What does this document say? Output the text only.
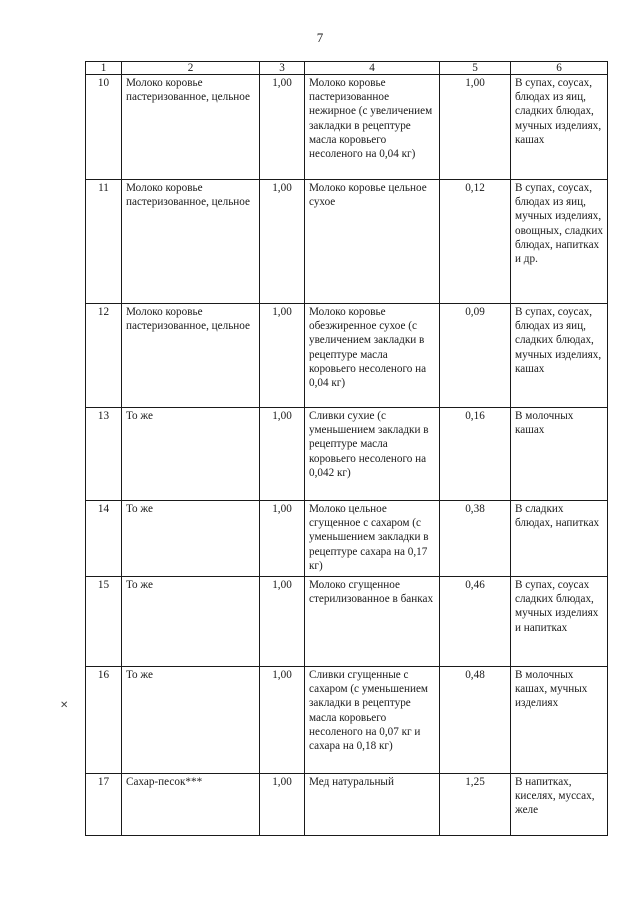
7
1	2	3	4	5	6
10	Молоко коровье пастеризованное, цельное	1,00	Молоко коровье пастеризованное нежирное (с увеличением закладки в рецептуре масла коровьего несоленого на 0,04 кг)	1,00	В супах, соусах, блюдах из яиц, сладких блюдах, мучных изделиях, кашах
11	Молоко коровье пастеризованное, цельное	1,00	Молоко коровье цельное сухое	0,12	В супах, соусах, блюдах из яиц, мучных изделиях, овощных, сладких блюдах, напитках и др.
12	Молоко коровье пастеризованное, цельное	1,00	Молоко коровье обезжиренное сухое (с увеличением закладки в рецептуре масла коровьего несоленого на 0,04 кг)	0,09	В супах, соусах, блюдах из яиц, сладких блюдах, мучных изделиях, кашах
13	То же	1,00	Сливки сухие (с уменьшением закладки в рецептуре масла коровьего несоленого на 0,042 кг)	0,16	В молочных кашах
14	То же	1,00	Молоко цельное сгущенное с сахаром (с уменьшением закладки в рецептуре сахара на 0,17 кг)	0,38	В сладких блюдах, напитках
15	То же	1,00	Молоко сгущенное стерилизованное в банках	0,46	В супах, соусах сладких блюдах, мучных изделиях и напитках
16	То же	1,00	Сливки сгущенные с сахаром (с уменьшением закладки в рецептуре масла коровьего несоленого на 0,07 кг и сахара на 0,18 кг)	0,48	В молочных кашах, мучных изделиях
17	Сахар-песок***	1,00	Мед натуральный	1,25	В напитках, киселях, муссах, желе
✕
